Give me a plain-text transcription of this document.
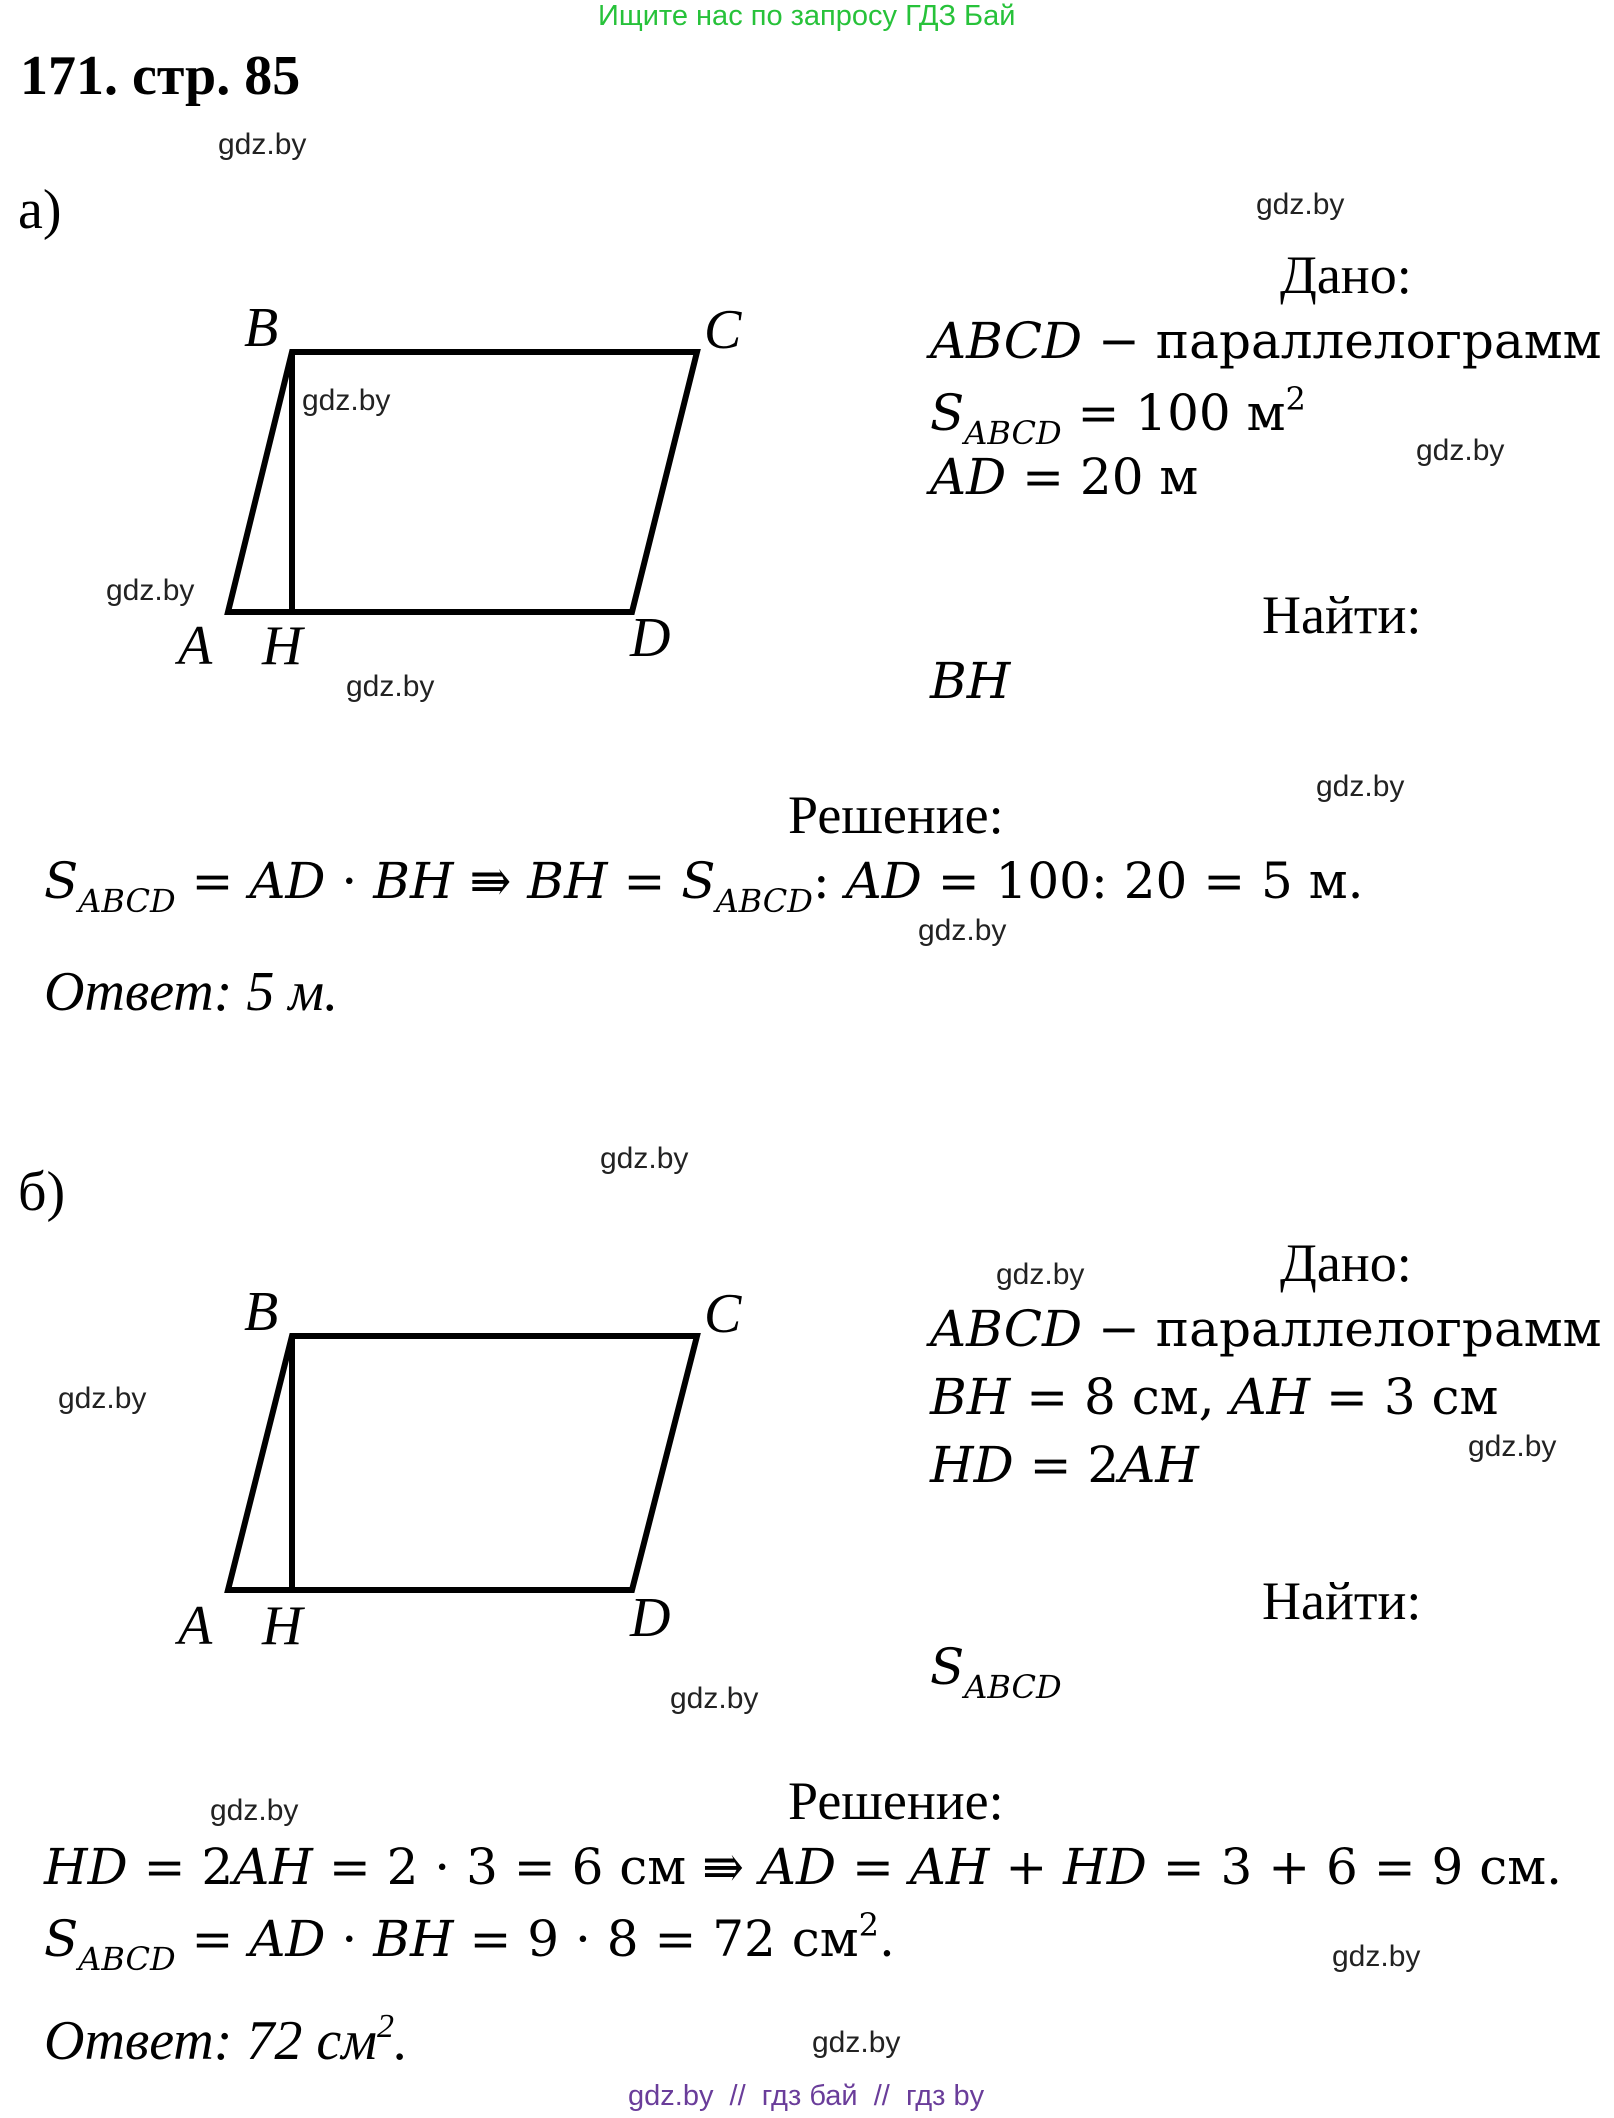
Ищите нас по запросу ГДЗ Бай
171. стр. 85
а)
A
B	C
D
H
Дано:
ABCD − параллелограмм
$S_{ABCD} = 100$ $м^2$
AD = 20 м
Найти:
BH
Решение:
$S_{ABCD}$ = AD · BH ⇛ BH = $S_{ABCD}$: AD = 100: 20 = 5 м.
Ответ: 5 м.
б)
A
B	C
D
H
Дано:
ABCD − параллелограмм
BH = 8 см, AH = 3 см
HD = 2AH
Найти:
$S_{ABCD}$
Решение:
HD = 2AH = 2 · 3 = 6 см ⇛ AD = AH + HD = 3 + 6 = 9 см.
$S_{ABCD}$ = AD · BH = 9 · 8 = 72 $см^2$.
Ответ: 72 $см^2$.
gdz.by
gdz.by
gdz.by
gdz.by
gdz.by
gdz.by
gdz.by
gdz.by
gdz.by
gdz.by
gdz.by
gdz.by
gdz.by
gdz.by
gdz.by
gdz.by
gdz.by  //  гдз бай  //  гдз by
